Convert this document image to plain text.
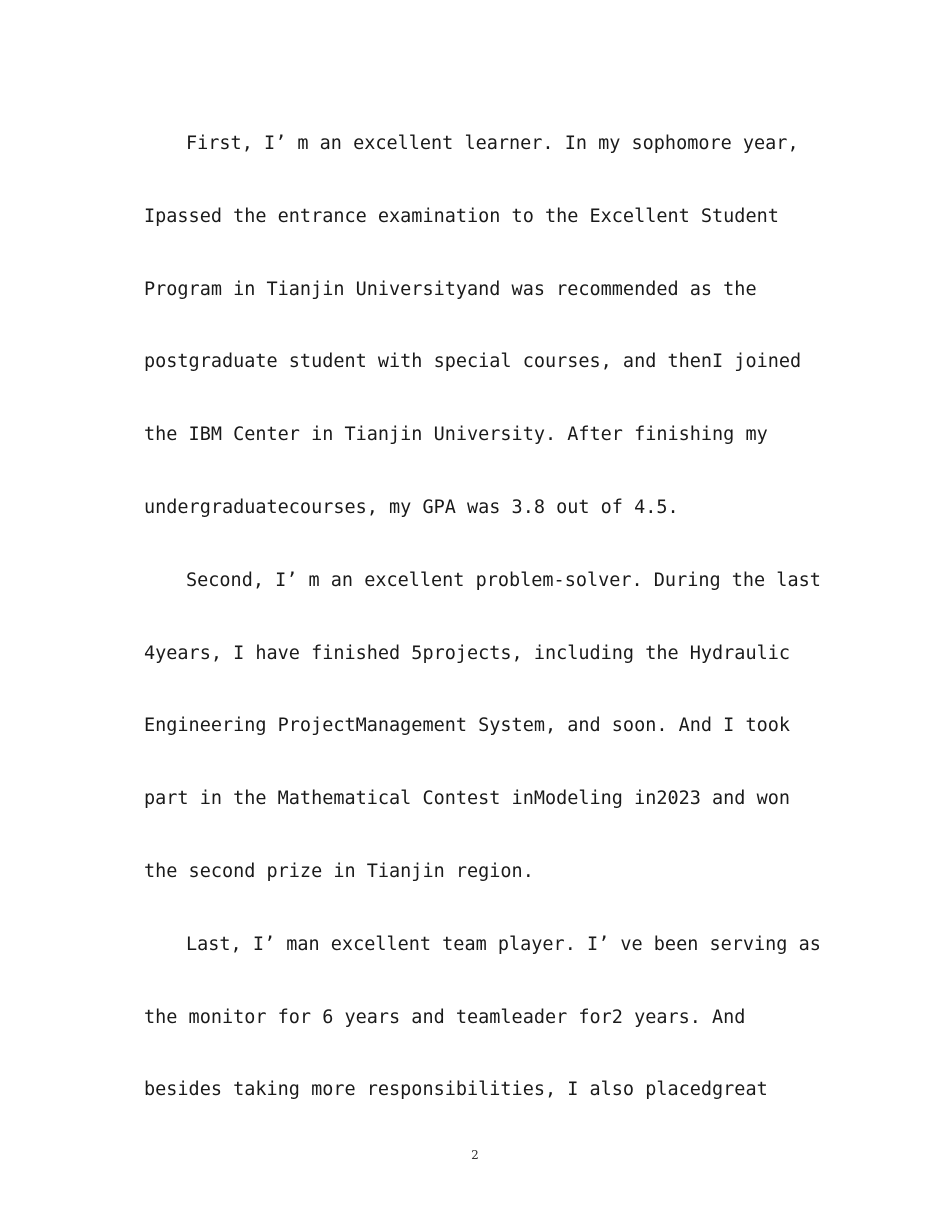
First, I’ m an excellent learner. In my sophomore year,
Ipassed the entrance examination to the Excellent Student
Program in Tianjin Universityand was recommended as the
postgraduate student with special courses, and thenI joined
the IBM Center in Tianjin University. After finishing my
undergraduatecourses, my GPA was 3.8 out of 4.5.
Second, I’ m an excellent problem-solver. During the last
4years, I have finished 5projects, including the Hydraulic
Engineering ProjectManagement System, and soon. And I took
part in the Mathematical Contest inModeling in2023 and won
the second prize in Tianjin region.
Last, I’ man excellent team player. I’ ve been serving as
the monitor for 6 years and teamleader for2 years. And
besides taking more responsibilities, I also placedgreat
2
